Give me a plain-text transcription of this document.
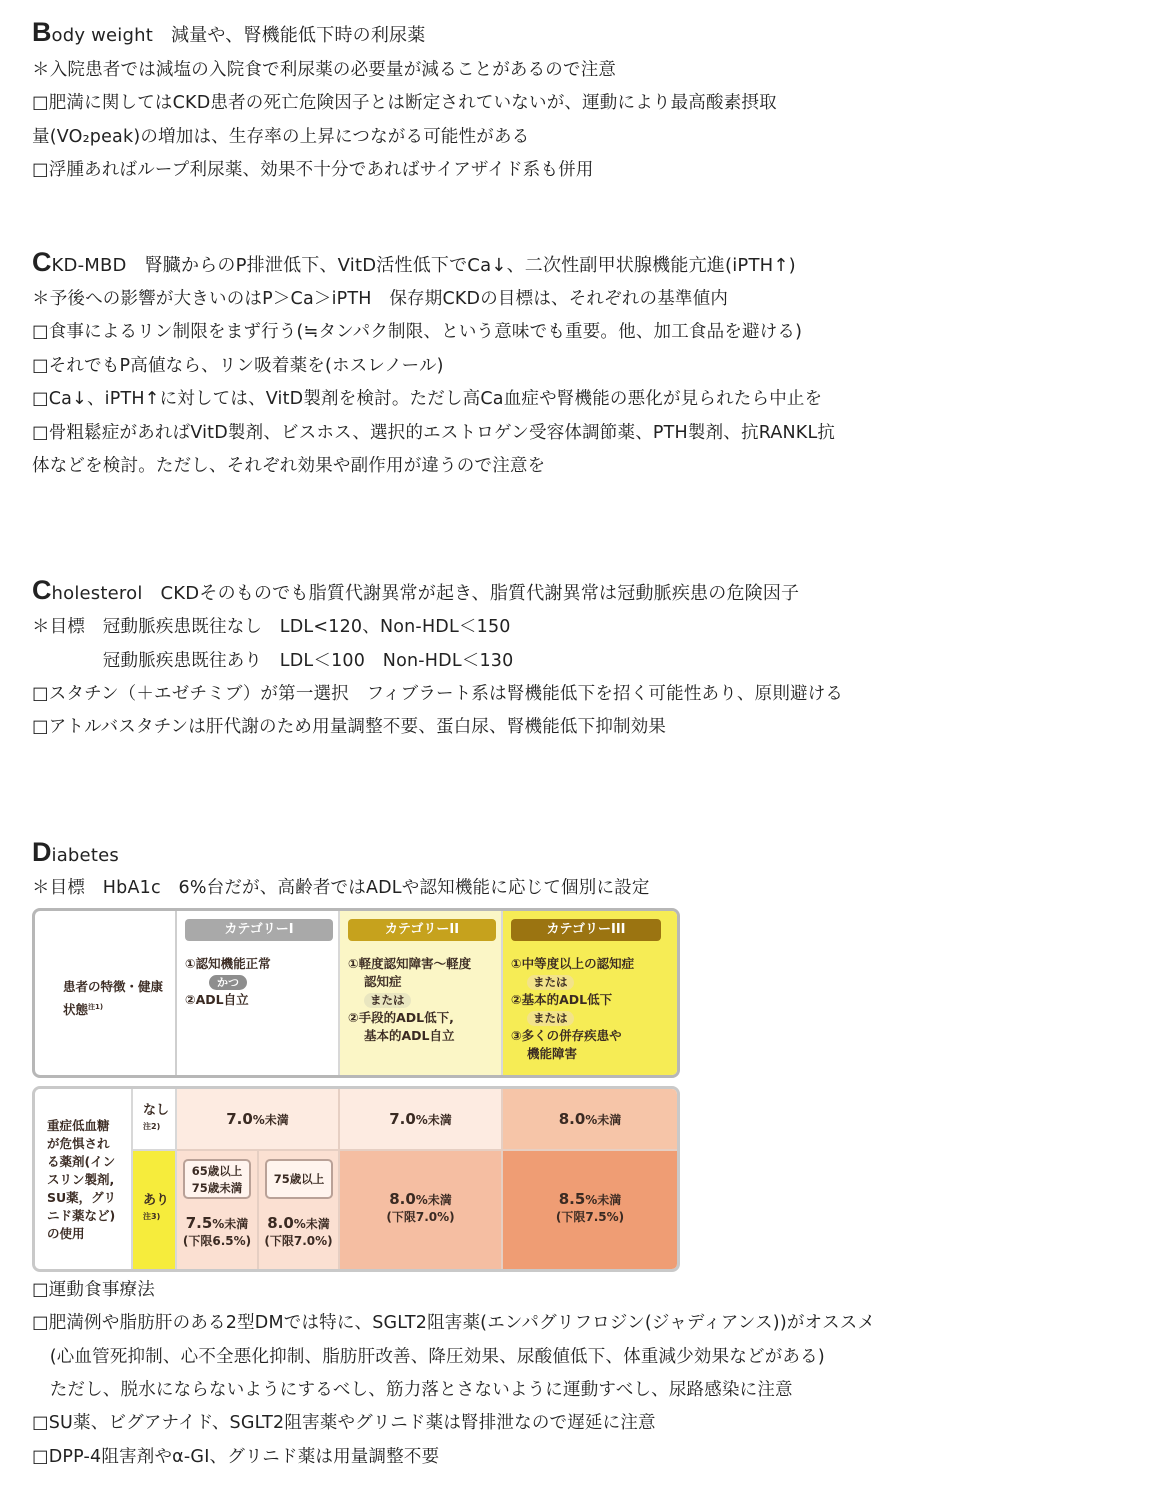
Body weight 減量や、腎機能低下時の利尿薬
＊入院患者では減塩の入院食で利尿薬の必要量が減ることがあるので注意
□肥満に関してはCKD患者の死亡危険因子とは断定されていないが、運動により最高酸素摂取
量(VO₂peak)の増加は、生存率の上昇につながる可能性がある
□浮腫あればループ利尿薬、効果不十分であればサイアザイド系も併用
CKD-MBD 腎臓からのP排泄低下、VitD活性低下でCa↓、二次性副甲状腺機能亢進(iPTH↑)
＊予後への影響が大きいのはP＞Ca＞iPTH　保存期CKDの目標は、それぞれの基準値内
□食事によるリン制限をまず行う(≒タンパク制限、という意味でも重要。他、加工食品を避ける)
□それでもP高値なら、リン吸着薬を(ホスレノール)
□Ca↓、iPTH↑に対しては、VitD製剤を検討。ただし高Ca血症や腎機能の悪化が見られたら中止を
□骨粗鬆症があればVitD製剤、ビスホス、選択的エストロゲン受容体調節薬、PTH製剤、抗RANKL抗
体などを検討。ただし、それぞれ効果や副作用が違うので注意を
Cholesterol CKDそのものでも脂質代謝異常が起き、脂質代謝異常は冠動脈疾患の危険因子
＊目標　冠動脈疾患既往なし　LDL<120、Non-HDL＜150
　　　　冠動脈疾患既往あり　LDL＜100　Non-HDL＜130
□スタチン（＋エゼチミブ）が第一選択　フィブラート系は腎機能低下を招く可能性あり、原則避ける
□アトルバスタチンは肝代謝のため用量調整不要、蛋白尿、腎機能低下抑制効果
Diabetes
＊目標　HbA1c　6%台だが、高齢者ではADLや認知機能に応じて個別に設定
患者の特徴・健康状態$^{注1)}$
カテゴリーI
①認知機能正常
かつ
②ADL自立
カテゴリーII
①軽度認知障害〜軽度
認知症
または
②手段的ADL低下,
基本的ADL自立
カテゴリーIII
①中等度以上の認知症
または
②基本的ADL低下
または
③多くの併存疾患や
機能障害
重症低血糖
が危惧され
る薬剤(イン
スリン製剤,
SU薬，グリ
ニド薬など)
の使用
なし
注2)
あり
注3)
7.0%未満	7.0%未満	8.0%未満
65歳以上
75歳未満
7.5%未満
(下限6.5%)
75歳以上
8.0%未満
(下限7.0%)
8.0%未満
(下限7.0%)
8.5%未満
(下限7.5%)
□運動食事療法
□肥満例や脂肪肝のある2型DMでは特に、SGLT2阻害薬(エンパグリフロジン(ジャディアンス))がオススメ
　(心血管死抑制、心不全悪化抑制、脂肪肝改善、降圧効果、尿酸値低下、体重減少効果などがある)
　ただし、脱水にならないようにするべし、筋力落とさないように運動すべし、尿路感染に注意
□SU薬、ビグアナイド、SGLT2阻害薬やグリニド薬は腎排泄なので遅延に注意
□DPP-4阻害剤やα-GI、グリニド薬は用量調整不要
